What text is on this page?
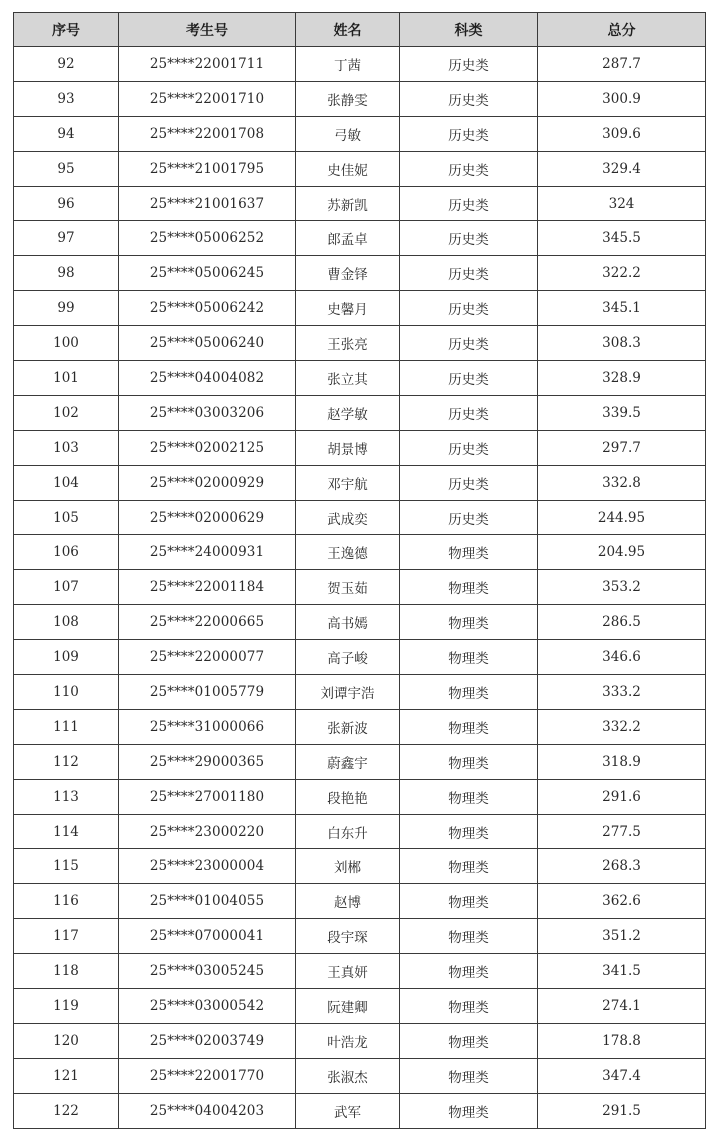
序号	考生号	姓名	科类	总分
92	25****22001711	丁茜	历史类	287.7
93	25****22001710	张静雯	历史类	300.9
94	25****22001708	弓敏	历史类	309.6
95	25****21001795	史佳妮	历史类	329.4
96	25****21001637	苏新凯	历史类	324
97	25****05006252	郎孟卓	历史类	345.5
98	25****05006245	曹金铎	历史类	322.2
99	25****05006242	史馨月	历史类	345.1
100	25****05006240	王张亮	历史类	308.3
101	25****04004082	张立其	历史类	328.9
102	25****03003206	赵学敏	历史类	339.5
103	25****02002125	胡景博	历史类	297.7
104	25****02000929	邓宇航	历史类	332.8
105	25****02000629	武成奕	历史类	244.95
106	25****24000931	王逸德	物理类	204.95
107	25****22001184	贺玉茹	物理类	353.2
108	25****22000665	高书嫣	物理类	286.5
109	25****22000077	高子峻	物理类	346.6
110	25****01005779	刘谭宇浩	物理类	333.2
111	25****31000066	张新波	物理类	332.2
112	25****29000365	蔚鑫宇	物理类	318.9
113	25****27001180	段艳艳	物理类	291.6
114	25****23000220	白东升	物理类	277.5
115	25****23000004	刘郴	物理类	268.3
116	25****01004055	赵博	物理类	362.6
117	25****07000041	段宇琛	物理类	351.2
118	25****03005245	王真妍	物理类	341.5
119	25****03000542	阮建卿	物理类	274.1
120	25****02003749	叶浩龙	物理类	178.8
121	25****22001770	张淑杰	物理类	347.4
122	25****04004203	武军	物理类	291.5
